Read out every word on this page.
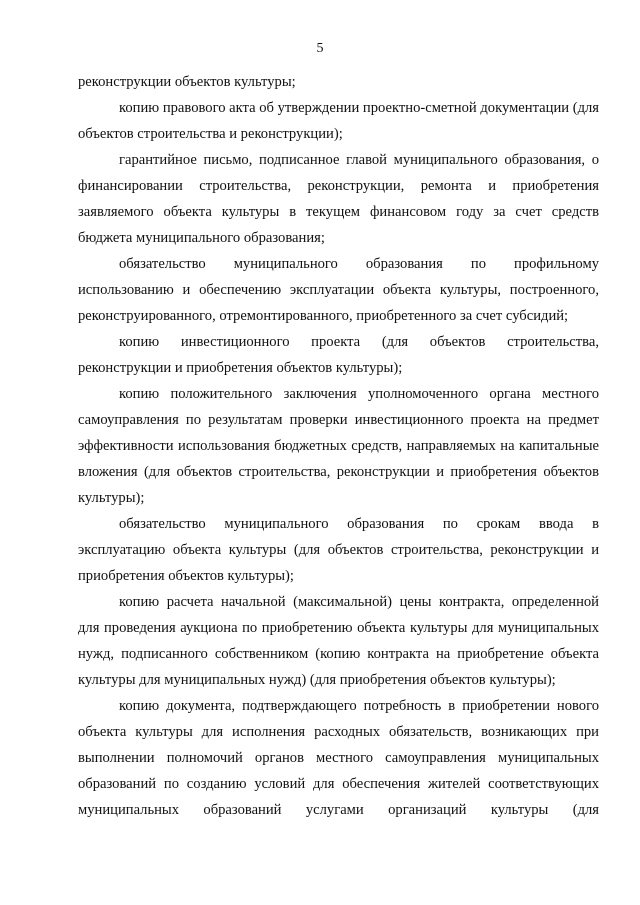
5

реконструкции объектов культуры;

копию правового акта об утверждении проектно-сметной документации (для объектов строительства и реконструкции);

гарантийное письмо, подписанное главой муниципального образования, о финансировании строительства, реконструкции, ремонта и приобретения заявляемого объекта культуры в текущем финансовом году за счет средств бюджета муниципального образования;

обязательство муниципального образования по профильному использованию и обеспечению эксплуатации объекта культуры, построенного, реконструированного, отремонтированного, приобретенного за счет субсидий;

копию инвестиционного проекта (для объектов строительства, реконструкции и приобретения объектов культуры);

копию положительного заключения уполномоченного органа местного самоуправления по результатам проверки инвестиционного проекта на предмет эффективности использования бюджетных средств, направляемых на капитальные вложения (для объектов строительства, реконструкции и приобретения объектов культуры);

обязательство муниципального образования по срокам ввода в эксплуатацию объекта культуры (для объектов строительства, реконструкции и приобретения объектов культуры);

копию расчета начальной (максимальной) цены контракта, определенной для проведения аукциона по приобретению объекта культуры для муниципальных нужд, подписанного собственником (копию контракта на приобретение объекта культуры для муниципальных нужд) (для приобретения объектов культуры);

копию документа, подтверждающего потребность в приобретении нового объекта культуры для исполнения расходных обязательств, возникающих при выполнении полномочий органов местного самоуправления муниципальных образований по созданию условий для обеспечения жителей соответствующих муниципальных образований услугами организаций культуры (для
